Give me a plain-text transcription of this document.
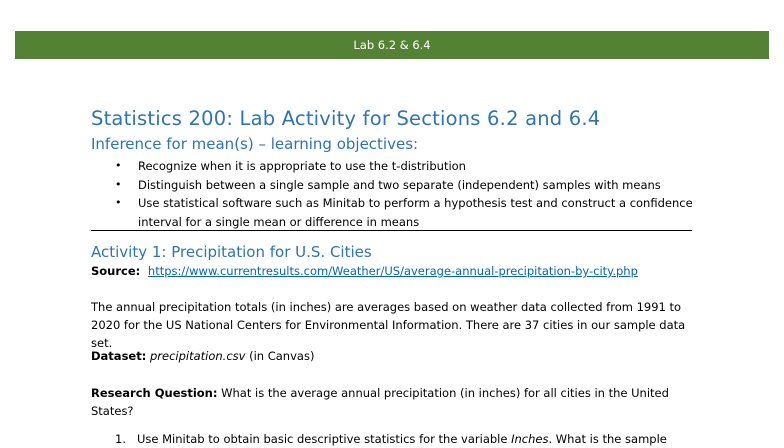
Lab 6.2 & 6.4
Statistics 200: Lab Activity for Sections 6.2 and 6.4
Inference for mean(s) – learning objectives:
• Recognize when it is appropriate to use the t-distribution
• Distinguish between a single sample and two separate (independent) samples with means
• Use statistical software such as Minitab to perform a hypothesis test and construct a confidence interval for a single mean or difference in means
Activity 1: Precipitation for U.S. Cities
Source: https://www.currentresults.com/Weather/US/average-annual-precipitation-by-city.php
The annual precipitation totals (in inches) are averages based on weather data collected from 1991 to 2020 for the US National Centers for Environmental Information. There are 37 cities in our sample data set.
Dataset: precipitation.csv (in Canvas)
Research Question: What is the average annual precipitation (in inches) for all cities in the United States?
1. Use Minitab to obtain basic descriptive statistics for the variable Inches. What is the sample
